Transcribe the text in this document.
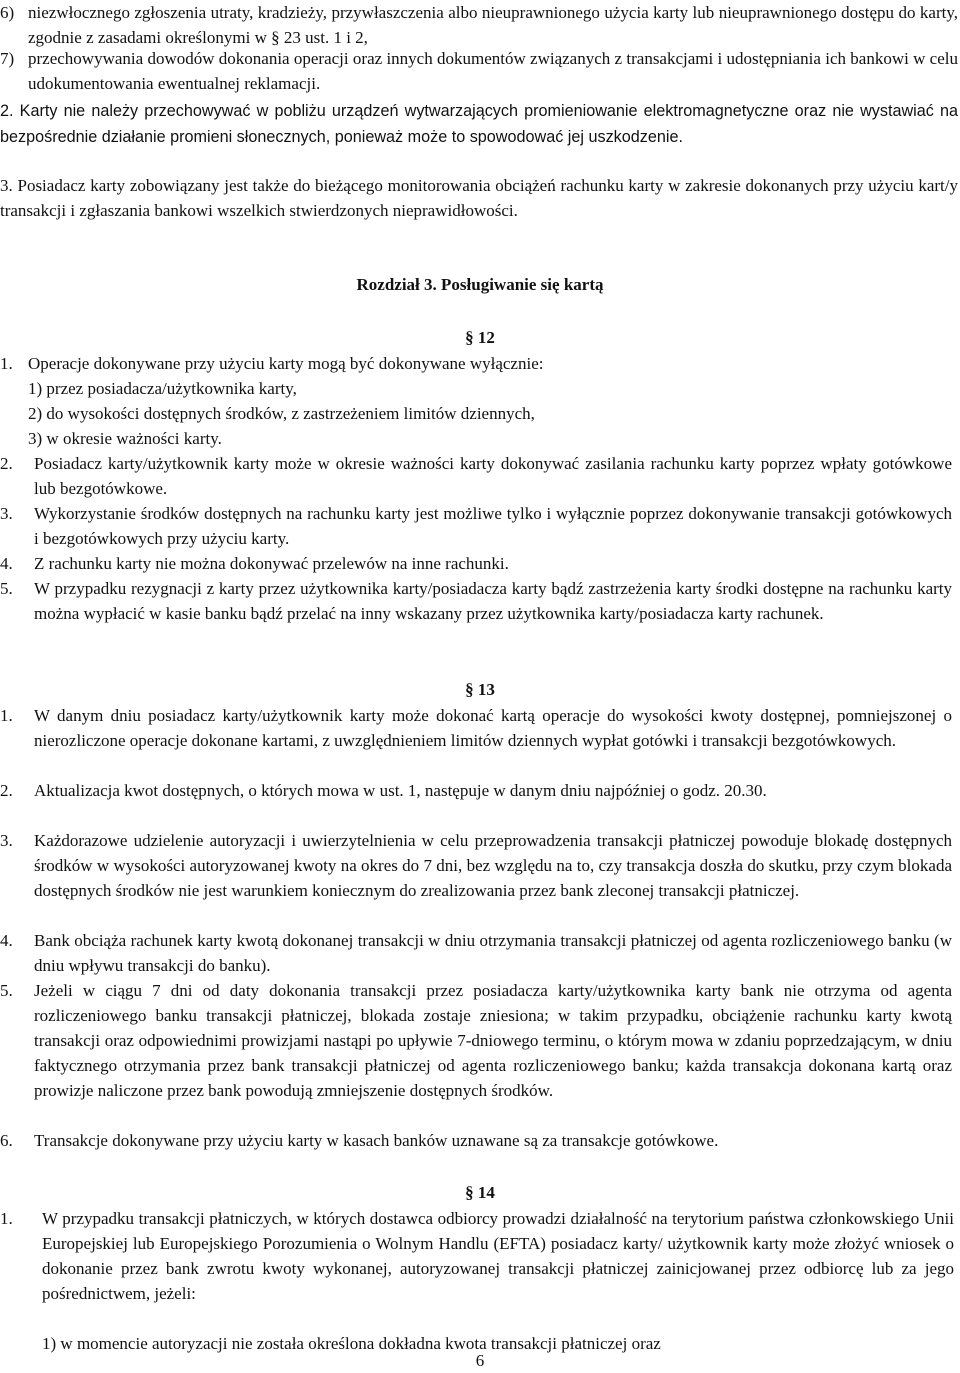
6) niezwłocznego zgłoszenia utraty, kradzieży, przywłaszczenia albo nieuprawnionego użycia karty lub nieuprawnionego dostępu do karty, zgodnie z zasadami określonymi w § 23 ust. 1 i 2,
7) przechowywania dowodów dokonania operacji oraz innych dokumentów związanych z transakcjami i udostępniania ich bankowi w celu udokumentowania ewentualnej reklamacji.

2. Karty nie należy przechowywać w pobliżu urządzeń wytwarzających promieniowanie elektromagnetyczne oraz nie wystawiać na bezpośrednie działanie promieni słonecznych, ponieważ może to spowodować jej uszkodzenie.

3. Posiadacz karty zobowiązany jest także do bieżącego monitorowania obciążeń rachunku karty w zakresie dokonanych przy użyciu kart/y transakcji i zgłaszania bankowi wszelkich stwierdzonych nieprawidłowości.

Rozdział 3. Posługiwanie się kartą
§ 12
1. Operacje dokonywane przy użyciu karty mogą być dokonywane wyłącznie:
1) przez posiadacza/użytkownika karty,
2) do wysokości dostępnych środków, z zastrzeżeniem limitów dziennych,
3) w okresie ważności karty.
2. Posiadacz karty/użytkownik karty może w okresie ważności karty dokonywać zasilania rachunku karty poprzez wpłaty gotówkowe lub bezgotówkowe.
3. Wykorzystanie środków dostępnych na rachunku karty jest możliwe tylko i wyłącznie poprzez dokonywanie transakcji gotówkowych i bezgotówkowych przy użyciu karty.
4. Z rachunku karty nie można dokonywać przelewów na inne rachunki.
5. W przypadku rezygnacji z karty przez użytkownika karty/posiadacza karty bądź zastrzeżenia karty środki dostępne na rachunku karty można wypłacić w kasie banku bądź przelać na inny wskazany przez użytkownika karty/posiadacza karty rachunek.
§ 13
1. W danym dniu posiadacz karty/użytkownik karty może dokonać kartą operacje do wysokości kwoty dostępnej, pomniejszonej o nierozliczone operacje dokonane kartami, z uwzględnieniem limitów dziennych wypłat gotówki i transakcji bezgotówkowych.
2. Aktualizacja kwot dostępnych, o których mowa w ust. 1, następuje w danym dniu najpóźniej o godz. 20.30.
3. Każdorazowe udzielenie autoryzacji i uwierzytelnienia w celu przeprowadzenia transakcji płatniczej powoduje blokadę dostępnych środków w wysokości autoryzowanej kwoty na okres do 7 dni, bez względu na to, czy transakcja doszła do skutku, przy czym blokada dostępnych środków nie jest warunkiem koniecznym do zrealizowania przez bank zleconej transakcji płatniczej.
4. Bank obciąża rachunek karty kwotą dokonanej transakcji w dniu otrzymania transakcji płatniczej od agenta rozliczeniowego banku (w dniu wpływu transakcji do banku).
5. Jeżeli w ciągu 7 dni od daty dokonania transakcji przez posiadacza karty/użytkownika karty bank nie otrzyma od agenta rozliczeniowego banku transakcji płatniczej, blokada zostaje zniesiona; w takim przypadku, obciążenie rachunku karty kwotą transakcji oraz odpowiednimi prowizjami nastąpi po upływie 7-dniowego terminu, o którym mowa w zdaniu poprzedzającym, w dniu faktycznego otrzymania przez bank transakcji płatniczej od agenta rozliczeniowego banku; każda transakcja dokonana kartą oraz prowizje naliczone przez bank powodują zmniejszenie dostępnych środków.
6. Transakcje dokonywane przy użyciu karty w kasach banków uznawane są za transakcje gotówkowe.
§ 14
1. W przypadku transakcji płatniczych, w których dostawca odbiorcy prowadzi działalność na terytorium państwa członkowskiego Unii Europejskiej lub Europejskiego Porozumienia o Wolnym Handlu (EFTA) posiadacz karty/ użytkownik karty może złożyć wniosek o dokonanie przez bank zwrotu kwoty wykonanej, autoryzowanej transakcji płatniczej zainicjowanej przez odbiorcę lub za jego pośrednictwem, jeżeli:
1) w momencie autoryzacji nie została określona dokładna kwota transakcji płatniczej oraz
6
